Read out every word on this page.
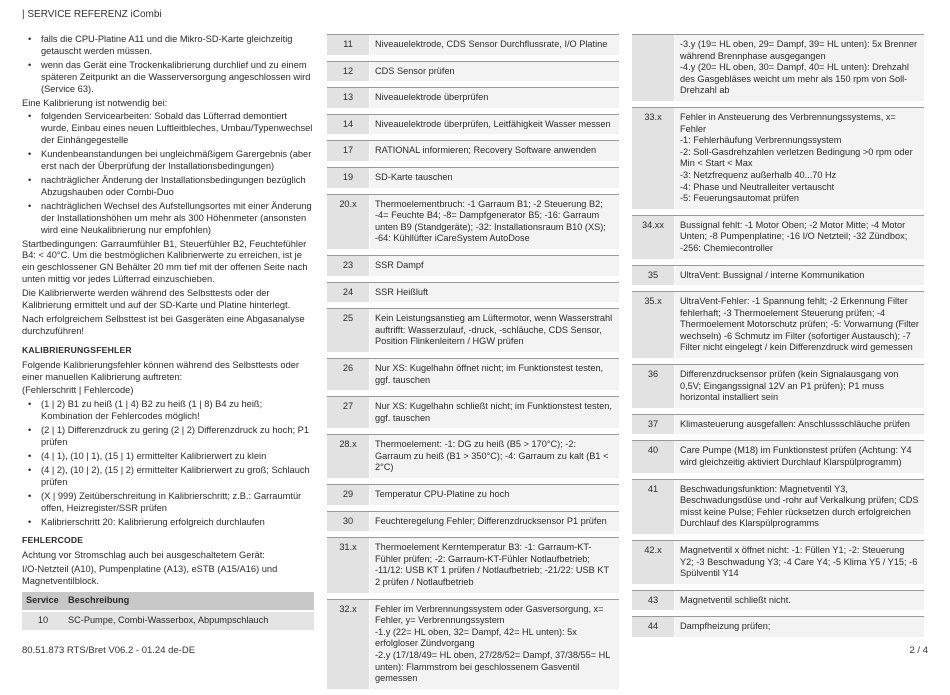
| SERVICE REFERENZ iCombi
• falls die CPU-Platine A11 und die Mikro-SD-Karte gleichzeitig getauscht werden müssen.
• wenn das Gerät eine Trockenkalibrierung durchlief und zu einem späteren Zeitpunkt an die Wasserversorgung angeschlossen wird (Service 63).

Eine Kalibrierung ist notwendig bei:

• folgenden Servicearbeiten: Sobald das Lüfterrad demontiert wurde, Einbau eines neuen Luftleitbleches, Umbau/Typenwechsel der Einhängegestelle
• Kundenbeanstandungen bei ungleichmäßigem Garergebnis (aber erst nach der Überprüfung der Installationsbedingungen)
• nachträglicher Änderung der Installationsbedingungen bezüglich Abzugshauben oder Combi-Duo
• nachträglichen Wechsel des Aufstellungsortes mit einer Änderung der Installationshöhen um mehr als 300 Höhenmeter (ansonsten wird eine Neukalibrierung nur empfohlen)

Startbedingungen: Garraumfühler B1, Steuerfühler B2, Feuchtefühler B4: < 40°C. Um die bestmöglichen Kalibrierwerte zu erreichen, ist je ein geschlossener GN Behälter 20 mm tief mit der offenen Seite nach unten mittig vor jedes Lüfterrad einzuschieben.

Die Kalibrierwerte werden während des Selbsttests oder der Kalibrierung ermittelt und auf der SD-Karte und Platine hinterlegt.

Nach erfolgreichem Selbsttest ist bei Gasgeräten eine Abgasanalyse durchzuführen!

KALIBRIERUNGSFEHLER

Folgende Kalibrierungsfehler können während des Selbsttests oder einer manuellen Kalibrierung auftreten:

(Fehlerschritt | Fehlercode)

• (1 | 2) B1 zu heiß (1 | 4) B2 zu heiß (1 | 8) B4 zu heiß; Kombination der Fehlercodes möglich!
• (2 | 1) Differenzdruck zu gering (2 | 2) Differenzdruck zu hoch; P1 prüfen
• (4 | 1), (10 | 1), (15 | 1) ermittelter Kalibrierwert zu klein
• (4 | 2), (10 | 2), (15 | 2) ermittelter Kalibrierwert zu groß; Schlauch prüfen
• (X | 999) Zeitüberschreitung in Kalibrierschritt; z.B.: Garraumtür offen, Heizregister/SSR prüfen
• Kalibrierschritt 20: Kalibrierung erfolgreich durchlaufen
FEHLERCODE

Achtung vor Stromschlag auch bei ausgeschaltetem Gerät:

I/O-Netzteil (A10), Pumpenplatine (A13), eSTB (A15/A16) und Magnetventilblock.

Service	Beschreibung
10	SC-Pumpe, Combi-Wasserbox, Abpumpschlauch
11	Niveauelektrode, CDS Sensor Durchflussrate, I/O Platine
12	CDS Sensor prüfen
13	Niveauelektrode überprüfen
14	Niveauelektrode überprüfen, Leitfähigkeit Wasser messen
17	RATIONAL informieren; Recovery Software anwenden
19	SD-Karte tauschen
20.x	Thermoelementbruch: -1 Garraum B1; -2 Steuerung B2; -4= Feuchte B4; -8= Dampfgenerator B5; -16: Garraum unten B9 (Standgeräte); -32: Installationsraum B10 (XS); -64: Kühllüfter iCareSystem AutoDose
23	SSR Dampf
24	SSR Heißluft
25	Kein Leistungsanstieg am Lüftermotor, wenn Wasserstrahl auftrifft: Wasserzulauf, -druck, -schläuche, CDS Sensor, Position Flinkenleitern / HGW prüfen
26	Nur XS: Kugelhahn öffnet nicht; im Funktionstest testen, ggf. tauschen
27	Nur XS: Kugelhahn schließt nicht; im Funktionstest testen, ggf. tauschen
28.x	Thermoelement: -1: DG zu heiß (B5 > 170°C); -2: Garraum zu heiß (B1 > 350°C); -4: Garraum zu kalt (B1 < 2°C)
29	Temperatur CPU-Platine zu hoch
30	Feuchteregelung Fehler; Differenzdrucksensor P1 prüfen
31.x	Thermoelement Kerntemperatur B3: -1: Garraum-KT-Fühler prüfen; -2: Garraum-KT-Fühler Notlaufbetrieb; -11/12: USB KT 1 prüfen / Notlaufbetrieb; -21/22: USB KT 2 prüfen / Notlaufbetrieb
32.x	Fehler im Verbrennungssystem oder Gasversorgung, x= Fehler, y= Verbrennungssystem
-1.y (22= HL oben, 32= Dampf, 42= HL unten): 5x erfolgloser Zündvorgang
-2.y (17/18/49= HL oben, 27/28/52= Dampf, 37/38/55= HL unten): Flammstrom bei geschlossenem Gasventil gemessen
-3.y (19= HL oben, 29= Dampf, 39= HL unten): 5x Brenner während Brennphase ausgegangen
-4.y (20= HL oben, 30= Dampf, 40= HL unten): Drehzahl des Gasgebläses weicht um mehr als 150 rpm von Soll-Drehzahl ab
33.x	Fehler in Ansteuerung des Verbrennungssystems, x= Fehler
-1: Fehlerhäufung Verbrennungssystem
-2: Soll-Gasdrehzahlen verletzen Bedingung >0 rpm oder Min < Start < Max
-3: Netzfrequenz außerhalb 40...70 Hz
-4: Phase und Neutralleiter vertauscht
-5: Feuerungsautomat prüfen
34.xx	Bussignal fehlt: -1 Motor Oben; -2 Motor Mitte; -4 Motor Unten; -8 Pumpenplatine; -16 I/O Netzteil; -32 Zündbox; -256: Chemiecontroller
35	UltraVent: Bussignal / interne Kommunikation
35.x	UltraVent-Fehler: -1 Spannung fehlt; -2 Erkennung Filter fehlerhaft; -3 Thermoelement Steuerung prüfen; -4 Thermoelement Motorschutz prüfen; -5: Vorwarnung (Filter wechseln) -6 Schmutz im Filter (sofortiger Austausch); -7 Filter nicht eingelegt / kein Differenzdruck wird gemessen
36	Differenzdrucksensor prüfen (kein Signalausgang von 0,5V; Eingangssignal 12V an P1 prüfen); P1 muss horizontal installiert sein
37	Klimasteuerung ausgefallen: Anschlussschläuche prüfen
40	Care Pumpe (M18) im Funktionstest prüfen (Achtung: Y4 wird gleichzeitig aktiviert Durchlauf Klarspülprogramm)
41	Beschwadungsfunktion: Magnetventil Y3, Beschwadungsdüse und -rohr auf Verkalkung prüfen; CDS misst keine Pulse; Fehler rücksetzen durch erfolgreichen Durchlauf des Klarspülprogramms
42.x	Magnetventil x öffnet nicht: -1: Füllen Y1; -2: Steuerung Y2; -3 Beschwadung Y3; -4 Care Y4; -5 Klima Y5 / Y15; -6 Spülventil Y14
43	Magnetventil schließt nicht.
44	Dampfheizung prüfen;
80.51.873 RTS/Bret V06.2 - 01.24 de-DE	2 / 4
